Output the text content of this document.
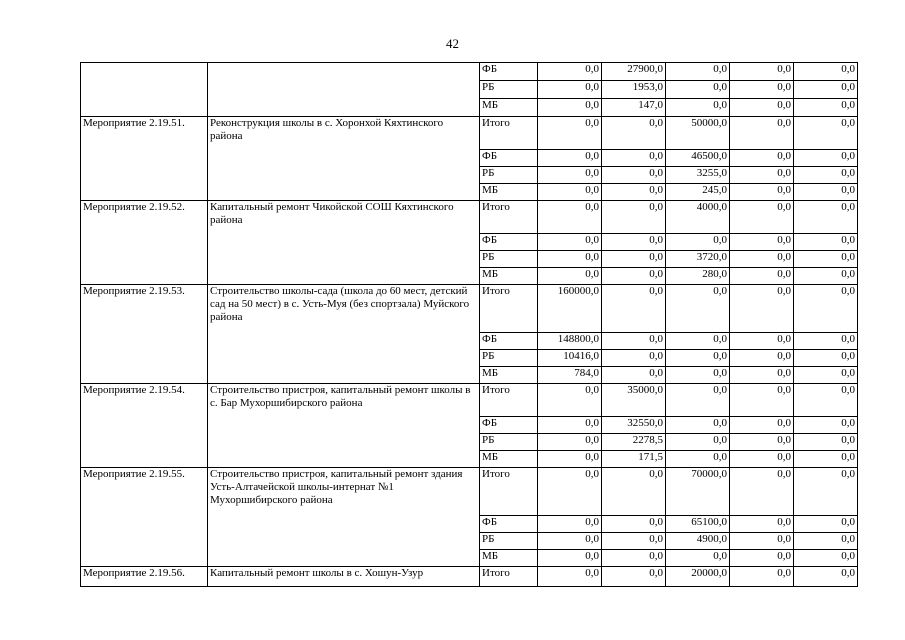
42
		ФБ	0,0	27900,0	0,0	0,0	0,0
		РБ	0,0	1953,0	0,0	0,0	0,0
		МБ	0,0	147,0	0,0	0,0	0,0
Мероприятие 2.19.51.	Реконструкция школы в с. Хоронхой Кяхтинского района	Итого	0,0	0,0	50000,0	0,0	0,0
		ФБ	0,0	0,0	46500,0	0,0	0,0
		РБ	0,0	0,0	3255,0	0,0	0,0
		МБ	0,0	0,0	245,0	0,0	0,0
Мероприятие 2.19.52.	Капитальный ремонт Чикойской СОШ Кяхтинского района	Итого	0,0	0,0	4000,0	0,0	0,0
		ФБ	0,0	0,0	0,0	0,0	0,0
		РБ	0,0	0,0	3720,0	0,0	0,0
		МБ	0,0	0,0	280,0	0,0	0,0
Мероприятие 2.19.53.	Строительство школы-сада (школа до 60 мест, детский сад на 50 мест) в с. Усть-Муя (без спортзала) Муйского района	Итого	160000,0	0,0	0,0	0,0	0,0
		ФБ	148800,0	0,0	0,0	0,0	0,0
		РБ	10416,0	0,0	0,0	0,0	0,0
		МБ	784,0	0,0	0,0	0,0	0,0
Мероприятие 2.19.54.	Строительство пристроя, капитальный ремонт школы в с. Бар Мухоршибирского района	Итого	0,0	35000,0	0,0	0,0	0,0
		ФБ	0,0	32550,0	0,0	0,0	0,0
		РБ	0,0	2278,5	0,0	0,0	0,0
		МБ	0,0	171,5	0,0	0,0	0,0
Мероприятие 2.19.55.	Строительство пристроя, капитальный ремонт здания Усть-Алтачейской школы-интернат №1 Мухоршибирского района	Итого	0,0	0,0	70000,0	0,0	0,0
		ФБ	0,0	0,0	65100,0	0,0	0,0
		РБ	0,0	0,0	4900,0	0,0	0,0
		МБ	0,0	0,0	0,0	0,0	0,0
Мероприятие 2.19.56.	Капитальный ремонт школы в с. Хошун-Узур	Итого	0,0	0,0	20000,0	0,0	0,0
